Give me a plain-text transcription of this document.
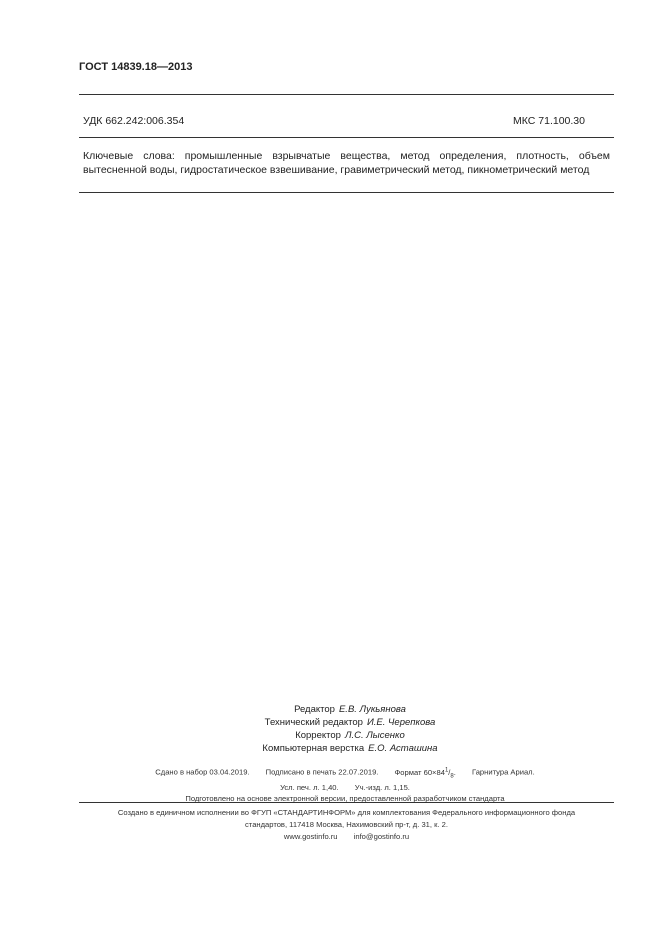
ГОСТ 14839.18—2013
УДК 662.242:006.354	МКС 71.100.30
Ключевые слова: промышленные взрывчатые вещества, метод определения, плотность, объем вытесненной воды, гидростатическое взвешивание, гравиметрический метод, пикнометрический метод
Редактор Е.В. Лукьянова
Технический редактор И.Е. Черепкова
Корректор Л.С. Лысенко
Компьютерная верстка Е.О. Асташина
Сдано в набор 03.04.2019. Подписано в печать 22.07.2019. Формат $60\times 84^1/_8$. Гарнитура Ариал.
Усл. печ. л. 1,40. Уч.-изд. л. 1,15.
Подготовлено на основе электронной версии, предоставленной разработчиком стандарта
Создано в единичном исполнении во ФГУП «СТАНДАРТИНФОРМ» для комплектования Федерального информационного фонда
стандартов, 117418 Москва, Нахимовский пр-т, д. 31, к. 2.
www.gostinfo.ru info@gostinfo.ru
